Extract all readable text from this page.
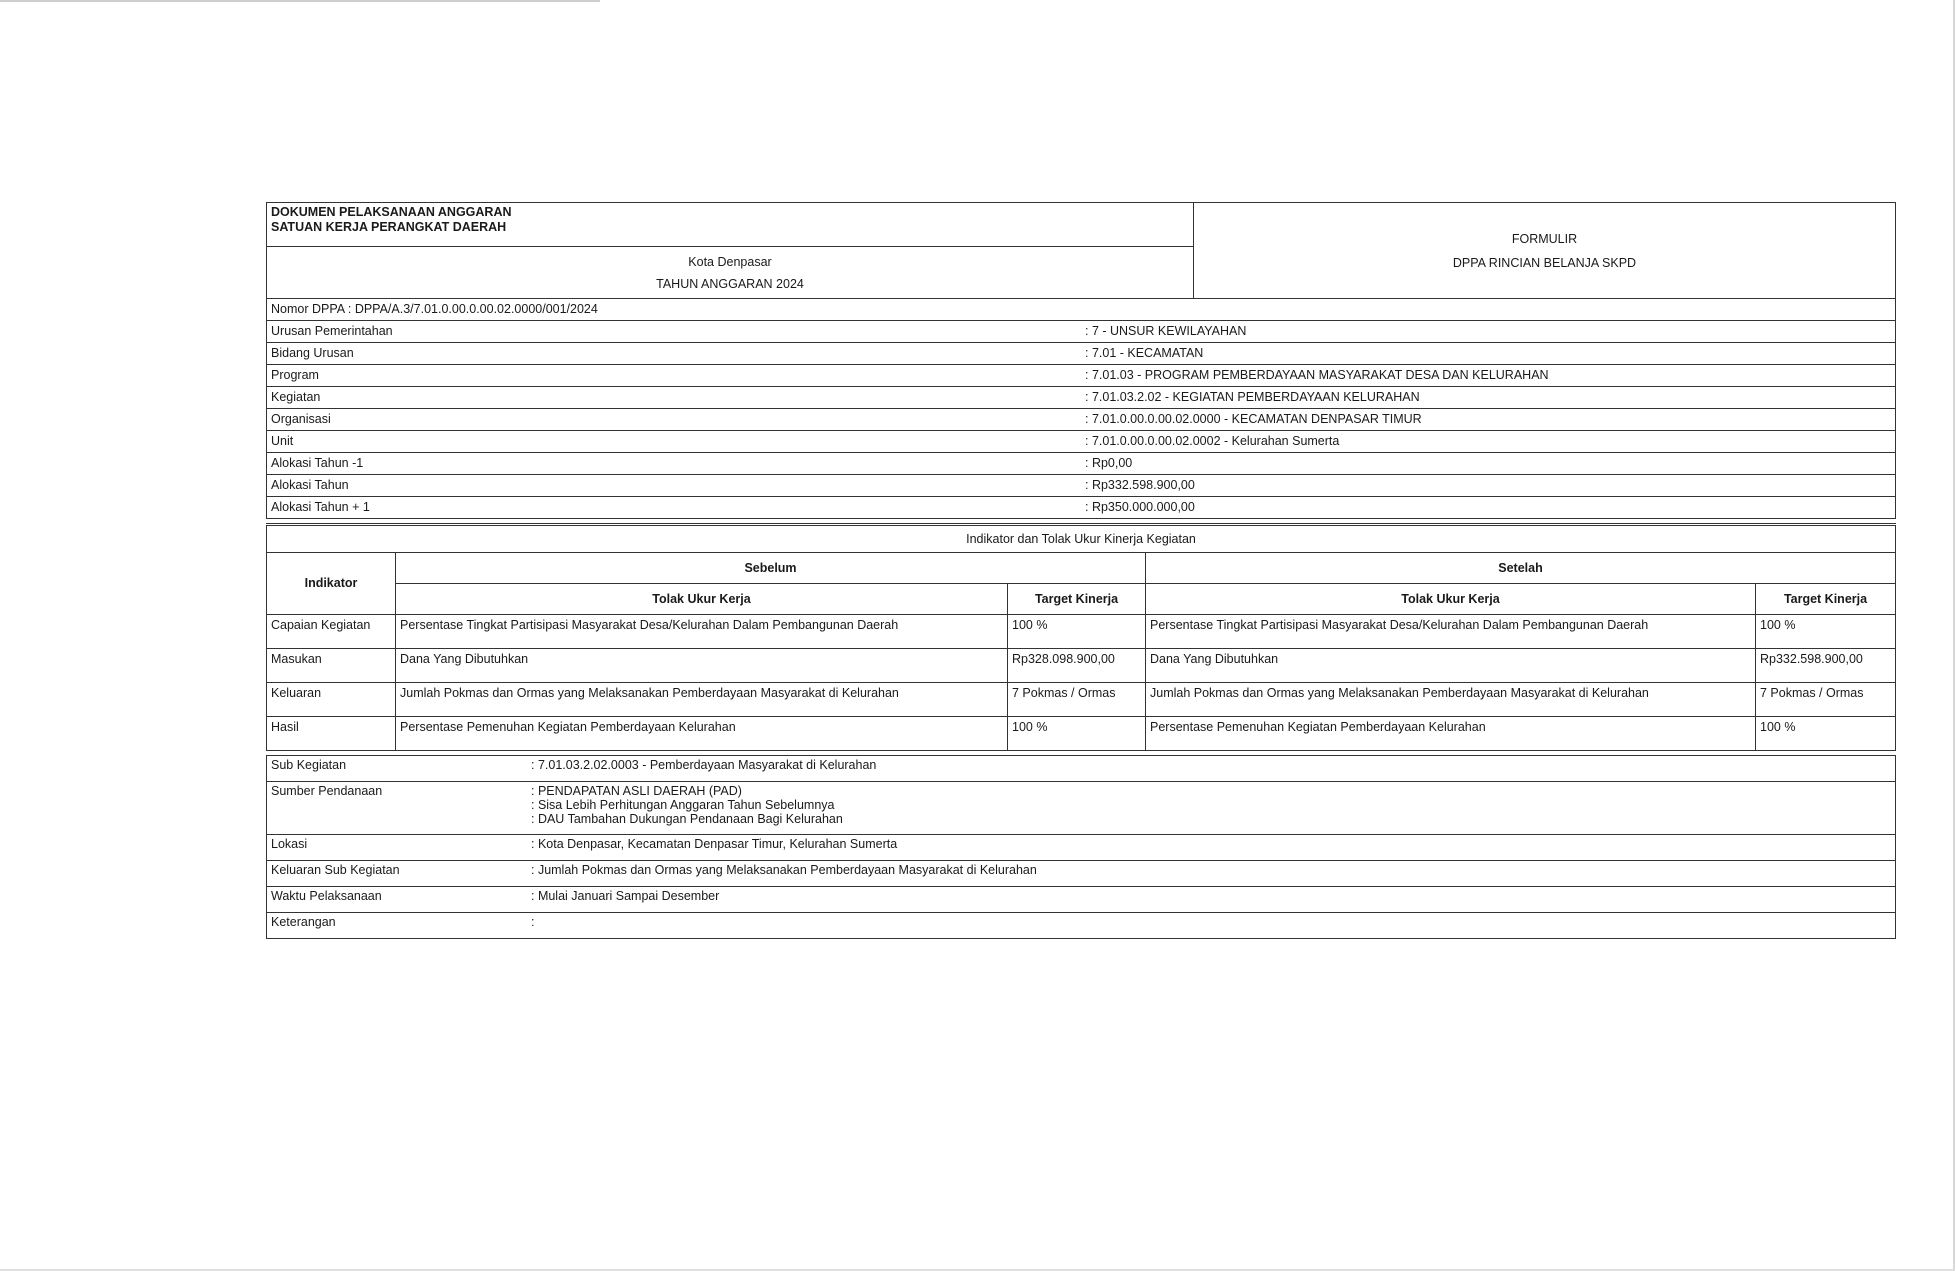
DOKUMEN PELAKSANAAN ANGGARAN
SATUAN KERJA PERANGKAT DAERAH

FORMULIR
DPPA RINCIAN BELANJA SKPD

Kota Denpasar
TAHUN ANGGARAN 2024
Nomor DPPA : DPPA/A.3/7.01.0.00.0.00.02.0000/001/2024	
Urusan Pemerintahan	: 7 - UNSUR KEWILAYAHAN
Bidang Urusan	: 7.01 - KECAMATAN
Program	: 7.01.03 - PROGRAM PEMBERDAYAAN MASYARAKAT DESA DAN KELURAHAN
Kegiatan	: 7.01.03.2.02 - KEGIATAN PEMBERDAYAAN KELURAHAN
Organisasi	: 7.01.0.00.0.00.02.0000 - KECAMATAN DENPASAR TIMUR
Unit	: 7.01.0.00.0.00.02.0002 - Kelurahan Sumerta
Alokasi Tahun -1	: Rp0,00
Alokasi Tahun	: Rp332.598.900,00
Alokasi Tahun + 1	: Rp350.000.000,00
Indikator dan Tolak Ukur Kinerja Kegiatan				
Indikator	Sebelum		Setelah	
	Tolak Ukur Kerja	Target Kinerja	Tolak Ukur Kerja	Target Kinerja
Capaian Kegiatan	Persentase Tingkat Partisipasi Masyarakat Desa/Kelurahan Dalam Pembangunan Daerah	100 %	Persentase Tingkat Partisipasi Masyarakat Desa/Kelurahan Dalam Pembangunan Daerah	100 %
Masukan	Dana Yang Dibutuhkan	Rp328.098.900,00	Dana Yang Dibutuhkan	Rp332.598.900,00
Keluaran	Jumlah Pokmas dan Ormas yang Melaksanakan Pemberdayaan Masyarakat di Kelurahan	7 Pokmas / Ormas	Jumlah Pokmas dan Ormas yang Melaksanakan Pemberdayaan Masyarakat di Kelurahan	7 Pokmas / Ormas
Hasil	Persentase Pemenuhan Kegiatan Pemberdayaan Kelurahan	100 %	Persentase Pemenuhan Kegiatan Pemberdayaan Kelurahan	100 %
Sub Kegiatan	: 7.01.03.2.02.0003 - Pemberdayaan Masyarakat di Kelurahan
Sumber Pendanaan	: PENDAPATAN ASLI DAERAH (PAD)
: Sisa Lebih Perhitungan Anggaran Tahun Sebelumnya
: DAU Tambahan Dukungan Pendanaan Bagi Kelurahan

Lokasi	: Kota Denpasar, Kecamatan Denpasar Timur, Kelurahan Sumerta
Keluaran Sub Kegiatan	: Jumlah Pokmas dan Ormas yang Melaksanakan Pemberdayaan Masyarakat di Kelurahan
Waktu Pelaksanaan	: Mulai Januari Sampai Desember
Keterangan	:
